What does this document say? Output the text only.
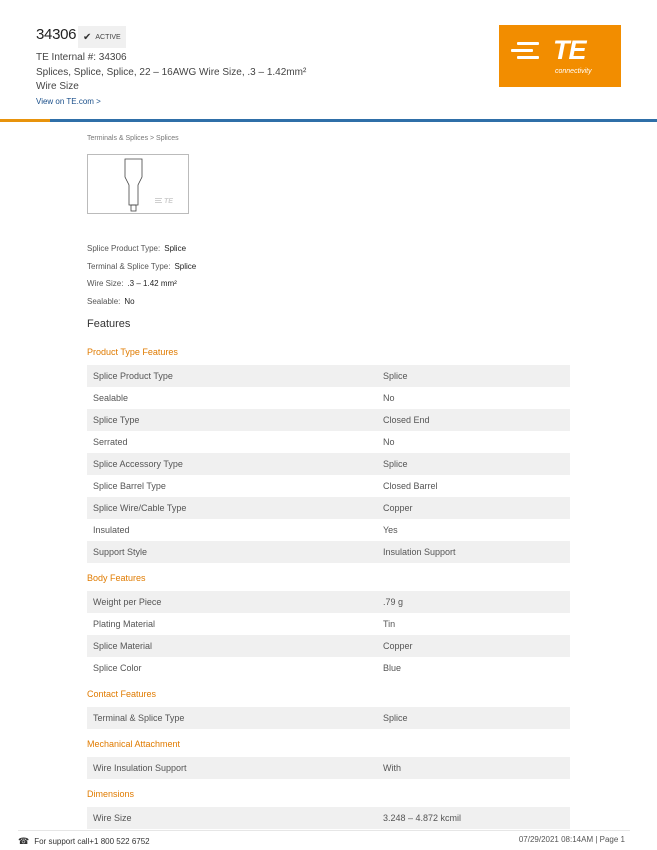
34306 ✔ ACTIVE
TE Internal #: 34306
Splices, Splice, Splice, 22 – 16AWG Wire Size, .3 – 1.42mm² Wire Size
View on TE.com >
TE
connectivity
Terminals & Splices > Splices
TE
Splice Product Type: Splice
Terminal & Splice Type: Splice
Wire Size: .3 – 1.42 mm²
Sealable: No
Features
Product Type Features
Splice Product Type	Splice
Sealable	No
Splice Type	Closed End
Serrated	No
Splice Accessory Type	Splice
Splice Barrel Type	Closed Barrel
Splice Wire/Cable Type	Copper
Insulated	Yes
Support Style	Insulation Support
Body Features
Weight per Piece	.79 g
Plating Material	Tin
Splice Material	Copper
Splice Color	Blue
Contact Features
Terminal & Splice Type	Splice
Mechanical Attachment
Wire Insulation Support	With
Dimensions
Wire Size	3.248 – 4.872 kcmil
☎ For support call+1 800 522 6752	07/29/2021 08:14AM | Page 1
